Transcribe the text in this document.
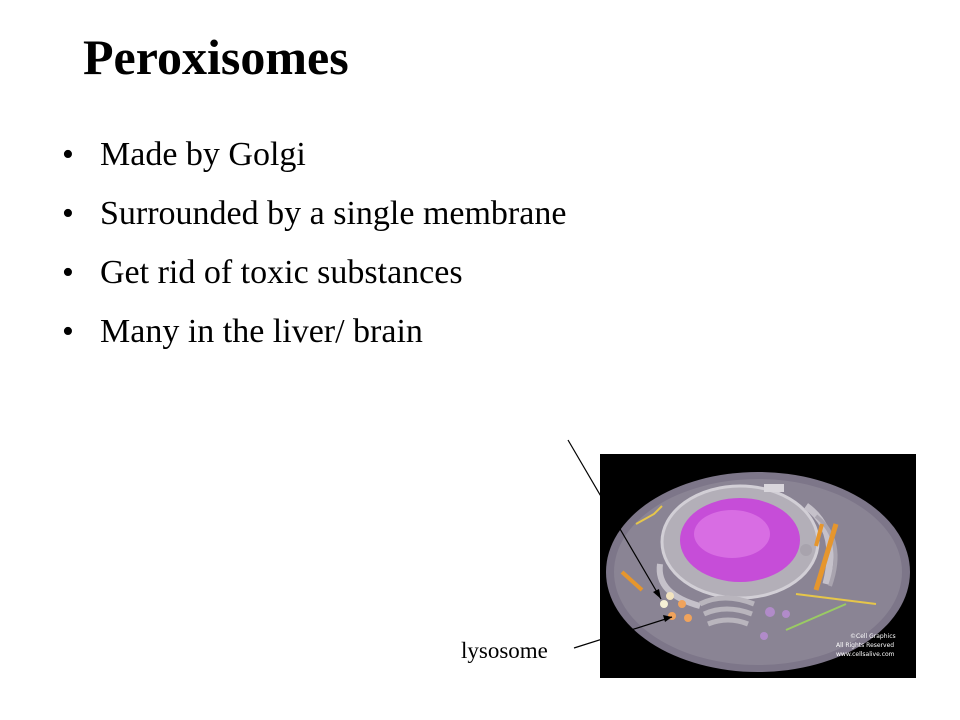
Peroxisomes
• Made by Golgi
• Surrounded by a single membrane
• Get rid of toxic substances
• Many in the liver/ brain
©Cell Graphics
All Rights Reserved
www.cellsalive.com
lysosome
